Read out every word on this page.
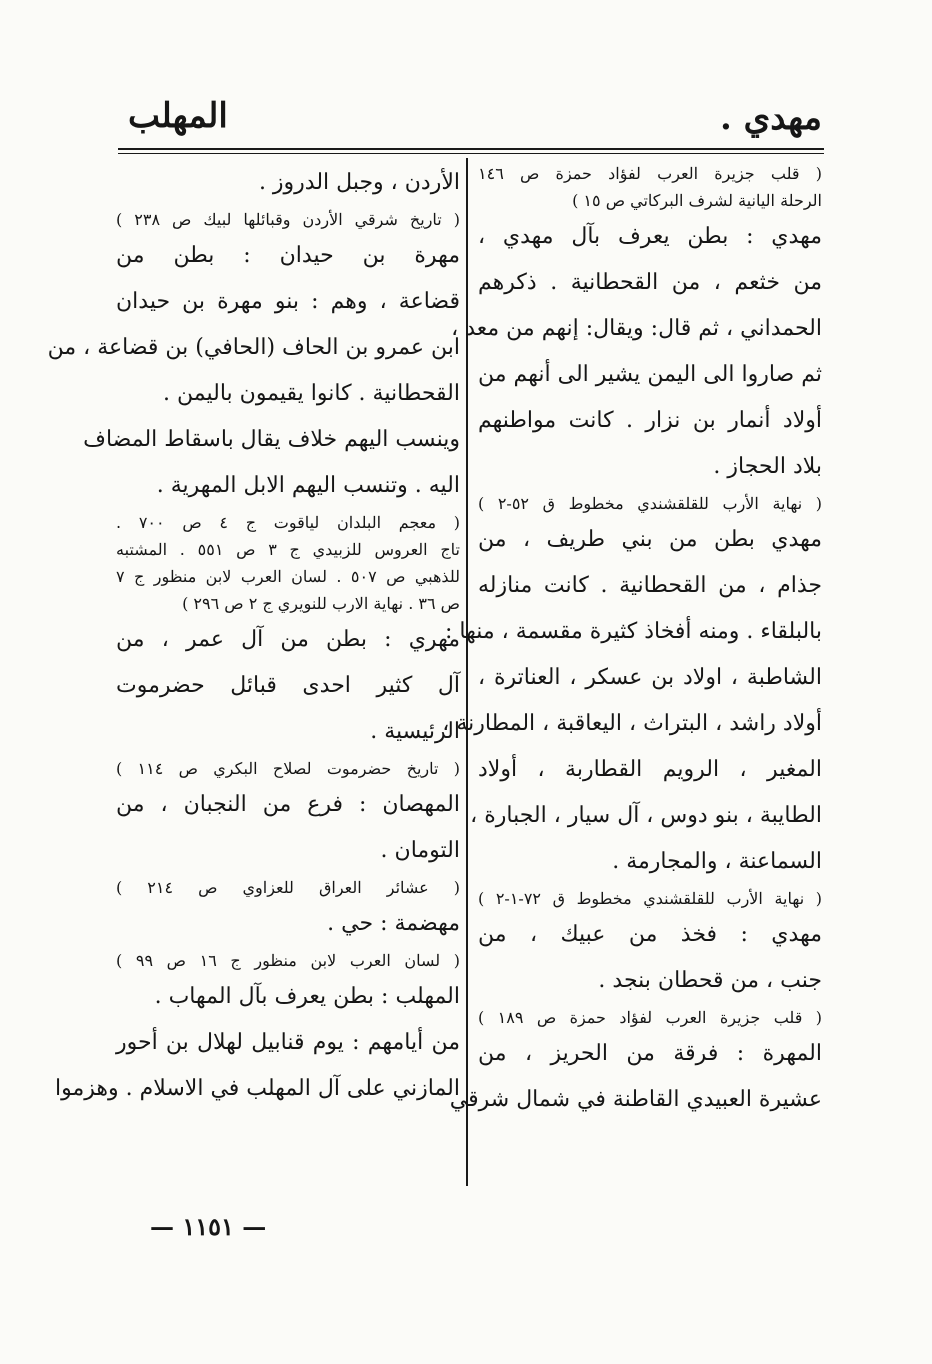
مهدي .
المهلب
( قلب جزيرة العرب لفؤاد حمزة ص ١٤٦
الرحلة اليانية لشرف البركاتي ص ١٥ )
مهدي : بطن يعرف بآل مهدي ،
من خثعم ، من القحطانية . ذكرهم
الحمداني ، ثم قال: ويقال: إنهم من معد ،
ثم صاروا الى اليمن يشير الى أنهم من
أولاد أنمار بن نزار . كانت مواطنهم
بلاد الحجاز .
( نهاية الأرب للقلقشندي مخطوط ق ٥٢-٢ )
مهدي بطن من بني طريف ، من
جذام ، من القحطانية . كانت منازله
بالبلقاء . ومنه أفخاذ كثيرة مقسمة ، منها :
الشاطبة ، اولاد بن عسكر ، العناترة ،
أولاد راشد ، البتراث ، اليعاقبة ، المطارنة ،
المغير ، الرويم القطاربة ، أولاد
الطايبة ، بنو دوس ، آل سيار ، الجبارة ،
السماعنة ، والمجارمة .
( نهاية الأرب للقلقشندي مخطوط ق ٧٢-١-٢ )
مهدي : فخذ من عبيك ، من
جنب ، من قحطان بنجد .
( قلب جزيرة العرب لفؤاد حمزة ص ١٨٩ )
المهرة : فرقة من الحريز ، من
عشيرة العبيدي القاطنة في شمال شرقي
الأردن ، وجبل الدروز .
( تاريخ شرقي الأردن وقبائلها لبيك ص ٢٣٨ )
مهرة بن حيدان : بطن من
قضاعة ، وهم : بنو مهرة بن حيدان
ابن عمرو بن الحاف (الحافي) بن قضاعة ، من
القحطانية . كانوا يقيمون باليمن .
وينسب اليهم خلاف يقال باسقاط المضاف
اليه . وتنسب اليهم الابل المهرية .
( معجم البلدان لياقوت ج ٤ ص ٧٠٠ .
تاج العروس للزبيدي ج ٣ ص ٥٥١ . المشتبه
للذهبي ص ٥٠٧ . لسان العرب لابن منظور ج ٧
ص ٣٦ . نهاية الارب للنويري ج ٢ ص ٢٩٦ )
مهري : بطن من آل عمر ، من
آل كثير احدى قبائل حضرموت
الرئيسية .
( تاريخ حضرموت لصلاح البكري ص ١١٤ )
المهصان : فرع من النجبان ، من
التومان .
( عشائر العراق للعزاوي ص ٢١٤ )
مهضمة : حي .
( لسان العرب لابن منظور ج ١٦ ص ٩٩ )
المهلب : بطن يعرف بآل المهاب .
من أيامهم : يوم قنابيل لهلال بن أحور
المازني على آل المهلب في الاسلام . وهزموا
— ١١٥١ —
